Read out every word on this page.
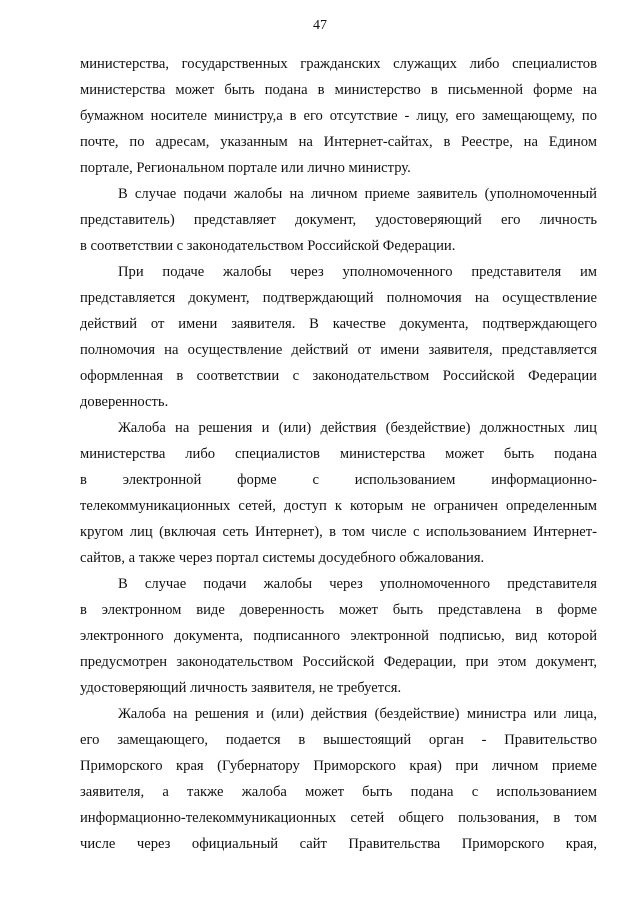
47
министерства, государственных гражданских служащих либо специалистов
министерства может быть подана в министерство в письменной форме на
бумажном носителе министру,а в его отсутствие - лицу, его замещающему, по
почте, по адресам, указанным на Интернет-сайтах, в Реестре, на Едином
портале, Региональном портале или лично министру.
В случае подачи жалобы на личном приеме заявитель (уполномоченный
представитель) представляет документ, удостоверяющий его личность
в соответствии с законодательством Российской Федерации.
При подаче жалобы через уполномоченного представителя им
представляется документ, подтверждающий полномочия на осуществление
действий от имени заявителя. В качестве документа, подтверждающего
полномочия на осуществление действий от имени заявителя, представляется
оформленная в соответствии с законодательством Российской Федерации
доверенность.
Жалоба на решения и (или) действия (бездействие) должностных лиц
министерства либо специалистов министерства может быть подана
в электронной форме с использованием информационно-
телекоммуникационных сетей, доступ к которым не ограничен определенным
кругом лиц (включая сеть Интернет), в том числе с использованием Интернет-
сайтов, а также через портал системы досудебного обжалования.
В случае подачи жалобы через уполномоченного представителя
в электронном виде доверенность может быть представлена в форме
электронного документа, подписанного электронной подписью, вид которой
предусмотрен законодательством Российской Федерации, при этом документ,
удостоверяющий личность заявителя, не требуется.
Жалоба на решения и (или) действия (бездействие) министра или лица,
его замещающего, подается в вышестоящий орган - Правительство
Приморского края (Губернатору Приморского края) при личном приеме
заявителя, а также жалоба может быть подана с использованием
информационно-телекоммуникационных сетей общего пользования, в том
числе через официальный сайт Правительства Приморского края,
